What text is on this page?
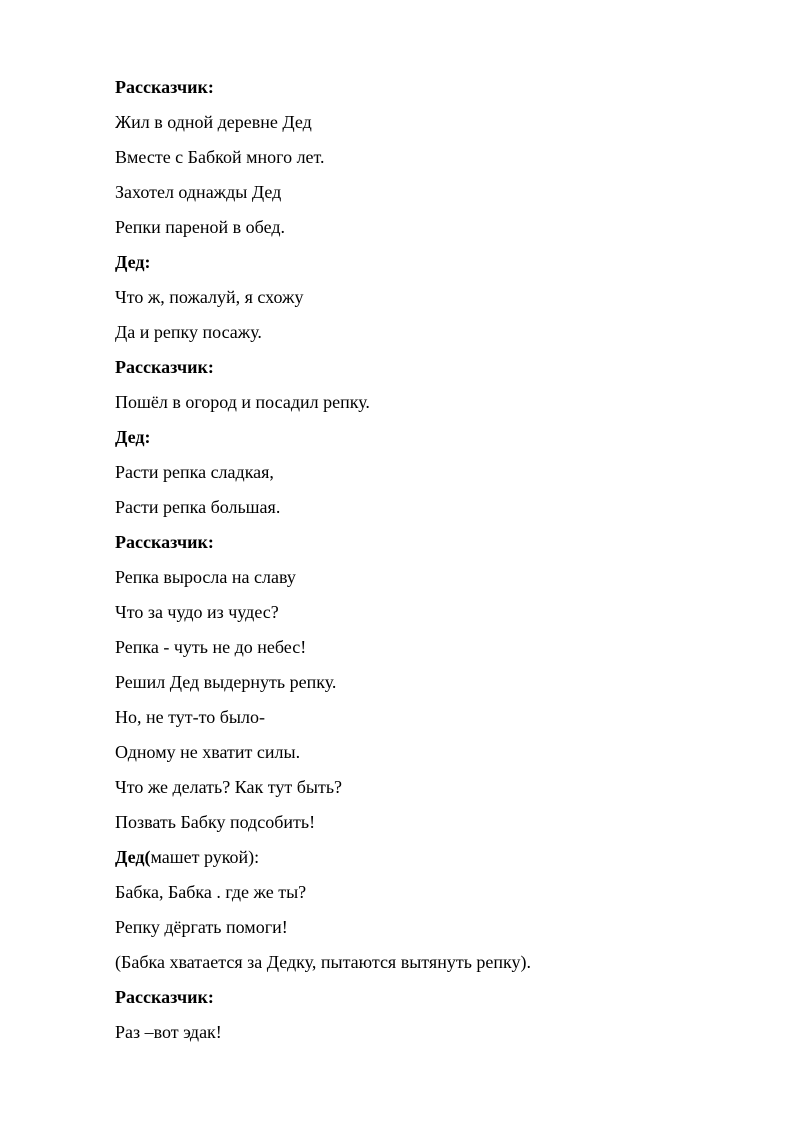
Рассказчик:
Жил в одной деревне Дед
Вместе с Бабкой много лет.
Захотел однажды Дед
Репки пареной в обед.
Дед:
Что ж, пожалуй, я схожу
Да и репку посажу.
Рассказчик:
Пошёл в огород и посадил репку.
Дед:
Расти репка сладкая,
Расти репка большая.
Рассказчик:
Репка выросла на славу
Что за чудо из чудес?
Репка - чуть не до небес!
Решил Дед выдернуть репку.
Но, не тут-то было-
Одному не хватит силы.
Что же делать? Как тут быть?
Позвать Бабку подсобить!
Дед(машет рукой):
Бабка, Бабка . где же ты?
Репку дёргать помоги!
(Бабка хватается за Дедку, пытаются вытянуть репку).
Рассказчик:
Раз –вот эдак!
